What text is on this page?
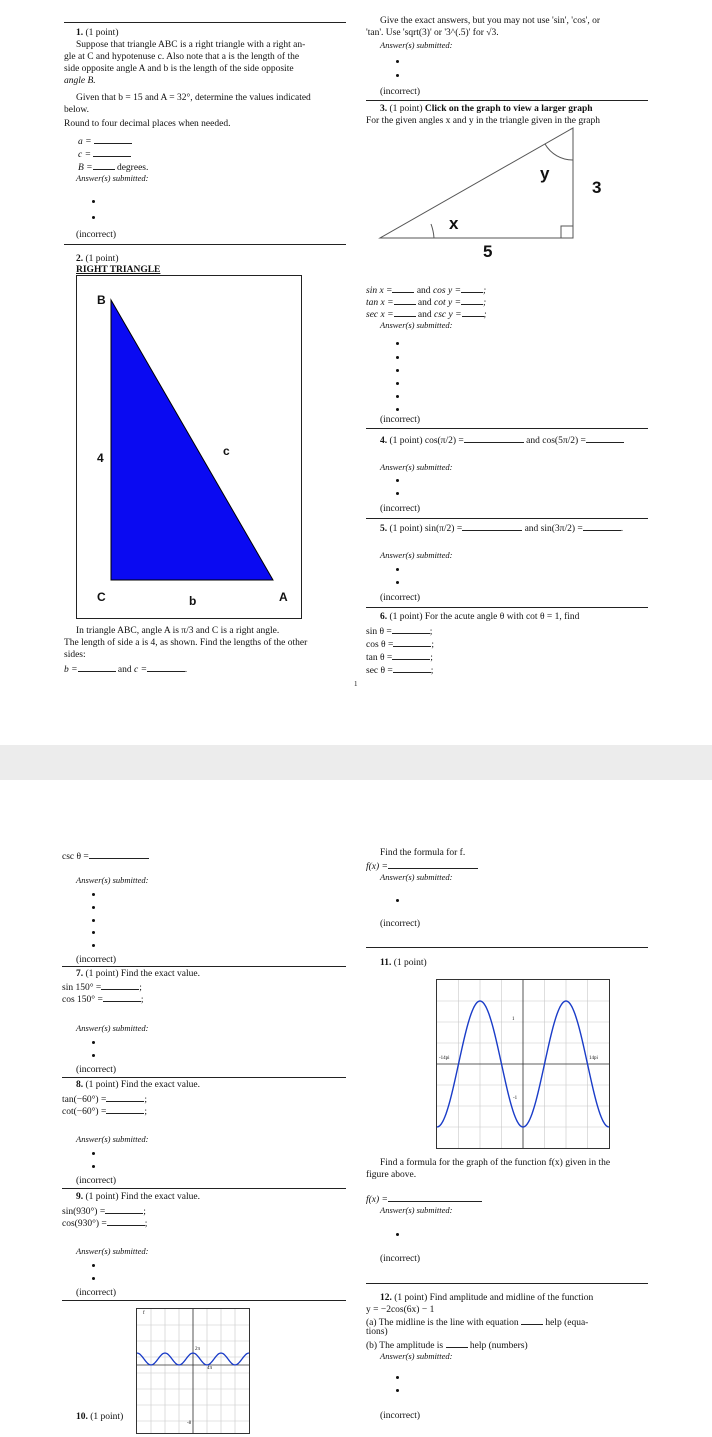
1. (1 point)
Suppose that triangle ABC is a right triangle with a right an-
gle at C and hypotenuse c. Also note that a is the length of the
side opposite angle A and b is the length of the side opposite
angle B.
Given that b = 15 and A = 32°, determine the values indicated
below.
Round to four decimal places when needed.
a =
c =
B =	degrees.
Answer(s) submitted:
(incorrect)
2. (1 point)
RIGHT TRIANGLE
B
4	c
C	b	A
In triangle ABC, angle A is π/3 and C is a right angle.
The length of side a is 4, as shown. Find the lengths of the other
sides:
b =	and c =	.
Give the exact answers, but you may not use 'sin', 'cos', or
'tan'. Use 'sqrt(3)' or '3^(.5)' for √3.
Answer(s) submitted:
(incorrect)
3. (1 point) Click on the graph to view a larger graph
For the given angles x and y in the triangle given in the graph
y
3
x
5
sin x =	and cos y = ;
tan x =	and cot y = ;
sec x =	and csc y = ;
Answer(s) submitted:
(incorrect)
4. (1 point) cos(π/2) =	and cos(5π/2) =
Answer(s) submitted:
(incorrect)
5. (1 point) sin(π/2) =	and sin(3π/2) =	.
Answer(s) submitted:
(incorrect)
6. (1 point) For the acute angle θ with cot θ = 1, find
sin θ =	;
cos θ =	;
tan θ =	;
sec θ =	;
1
csc θ =
Answer(s) submitted:
(incorrect)
7. (1 point) Find the exact value.
sin 150° =	;
cos 150° =	;
Answer(s) submitted:
(incorrect)
8. (1 point) Find the exact value.
tan(−60°) =	;
cot(−60°) =	;
Answer(s) submitted:
(incorrect)
9. (1 point) Find the exact value.
sin(930°) =	;
cos(930°) =	;
Answer(s) submitted:
(incorrect)
f
2π
4π
-8
10. (1 point)
Find the formula for f.
f(x) =
Answer(s) submitted:
(incorrect)
11. (1 point)
1
-1
-14pi	14pi
Find a formula for the graph of the function f(x) given in the
figure above.
f(x) =
Answer(s) submitted:
(incorrect)
12. (1 point) Find amplitude and midline of the function
y = −2cos(6x) − 1
(a) The midline is the line with equation	help (equa-
tions)
(b) The amplitude is	help (numbers)
Answer(s) submitted:
(incorrect)
